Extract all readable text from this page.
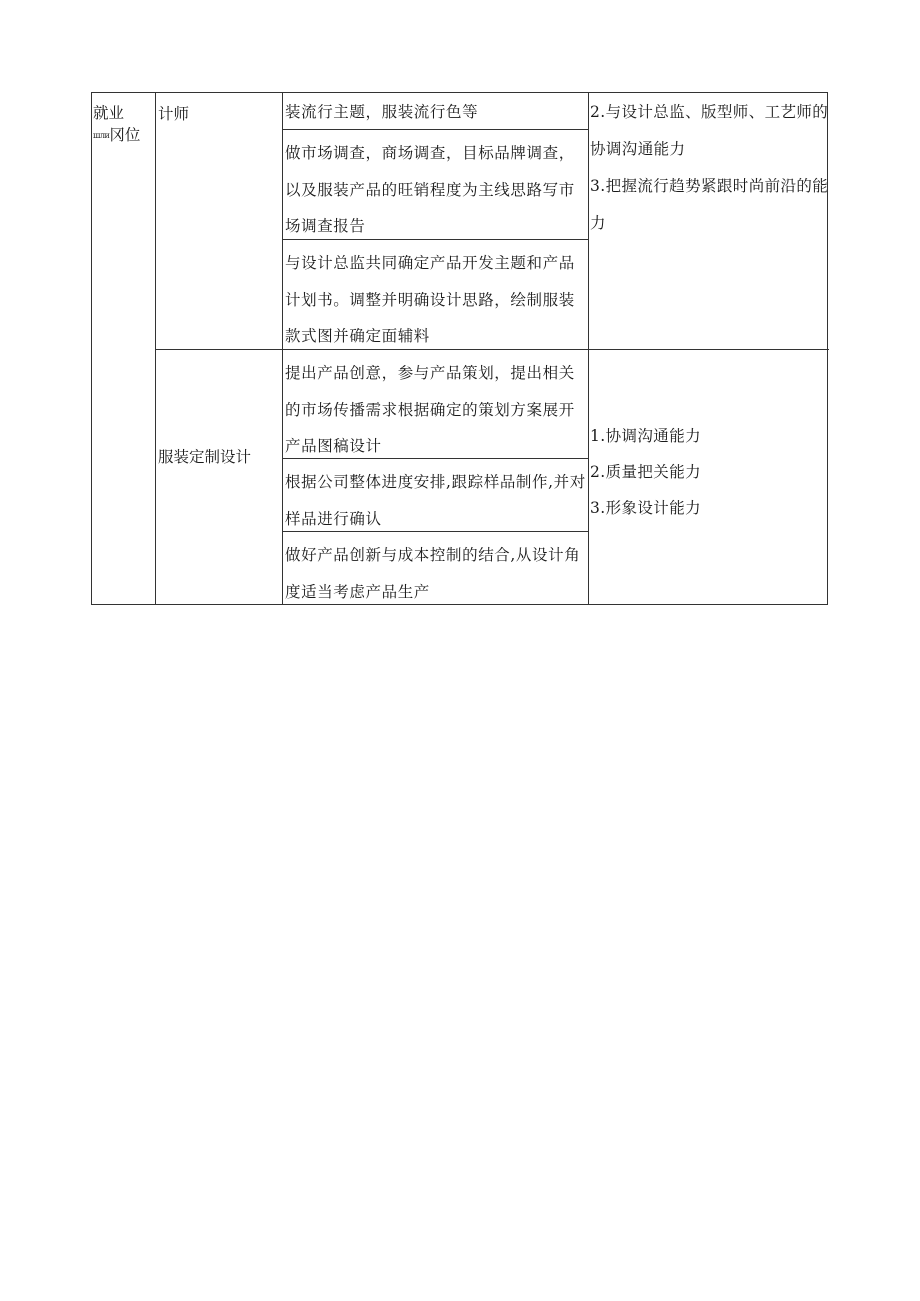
就业

шли冈位

计师	装流行主题，服装流行色等
做市场调查，商场调查，目标品牌调查，以及服装产品的旺销程度为主线思路写市场调查报告
与设计总监共同确定产品开发主题和产品计划书。调整并明确设计思路，绘制服装款式图并确定面辅料

2.与设计总监、版型师、工艺师的协调沟通能力

3.把握流行趋势紧跟时尚前沿的能力

服装定制设计
提出产品创意，参与产品策划，提出相关的市场传播需求根据确定的策划方案展开产品图稿设计
根据公司整体进度安排,跟踪样品制作,并对样品进行确认
做好产品创新与成本控制的结合,从设计角度适当考虑产品生产

1.协调沟通能力

2.质量把关能力

3.形象设计能力
